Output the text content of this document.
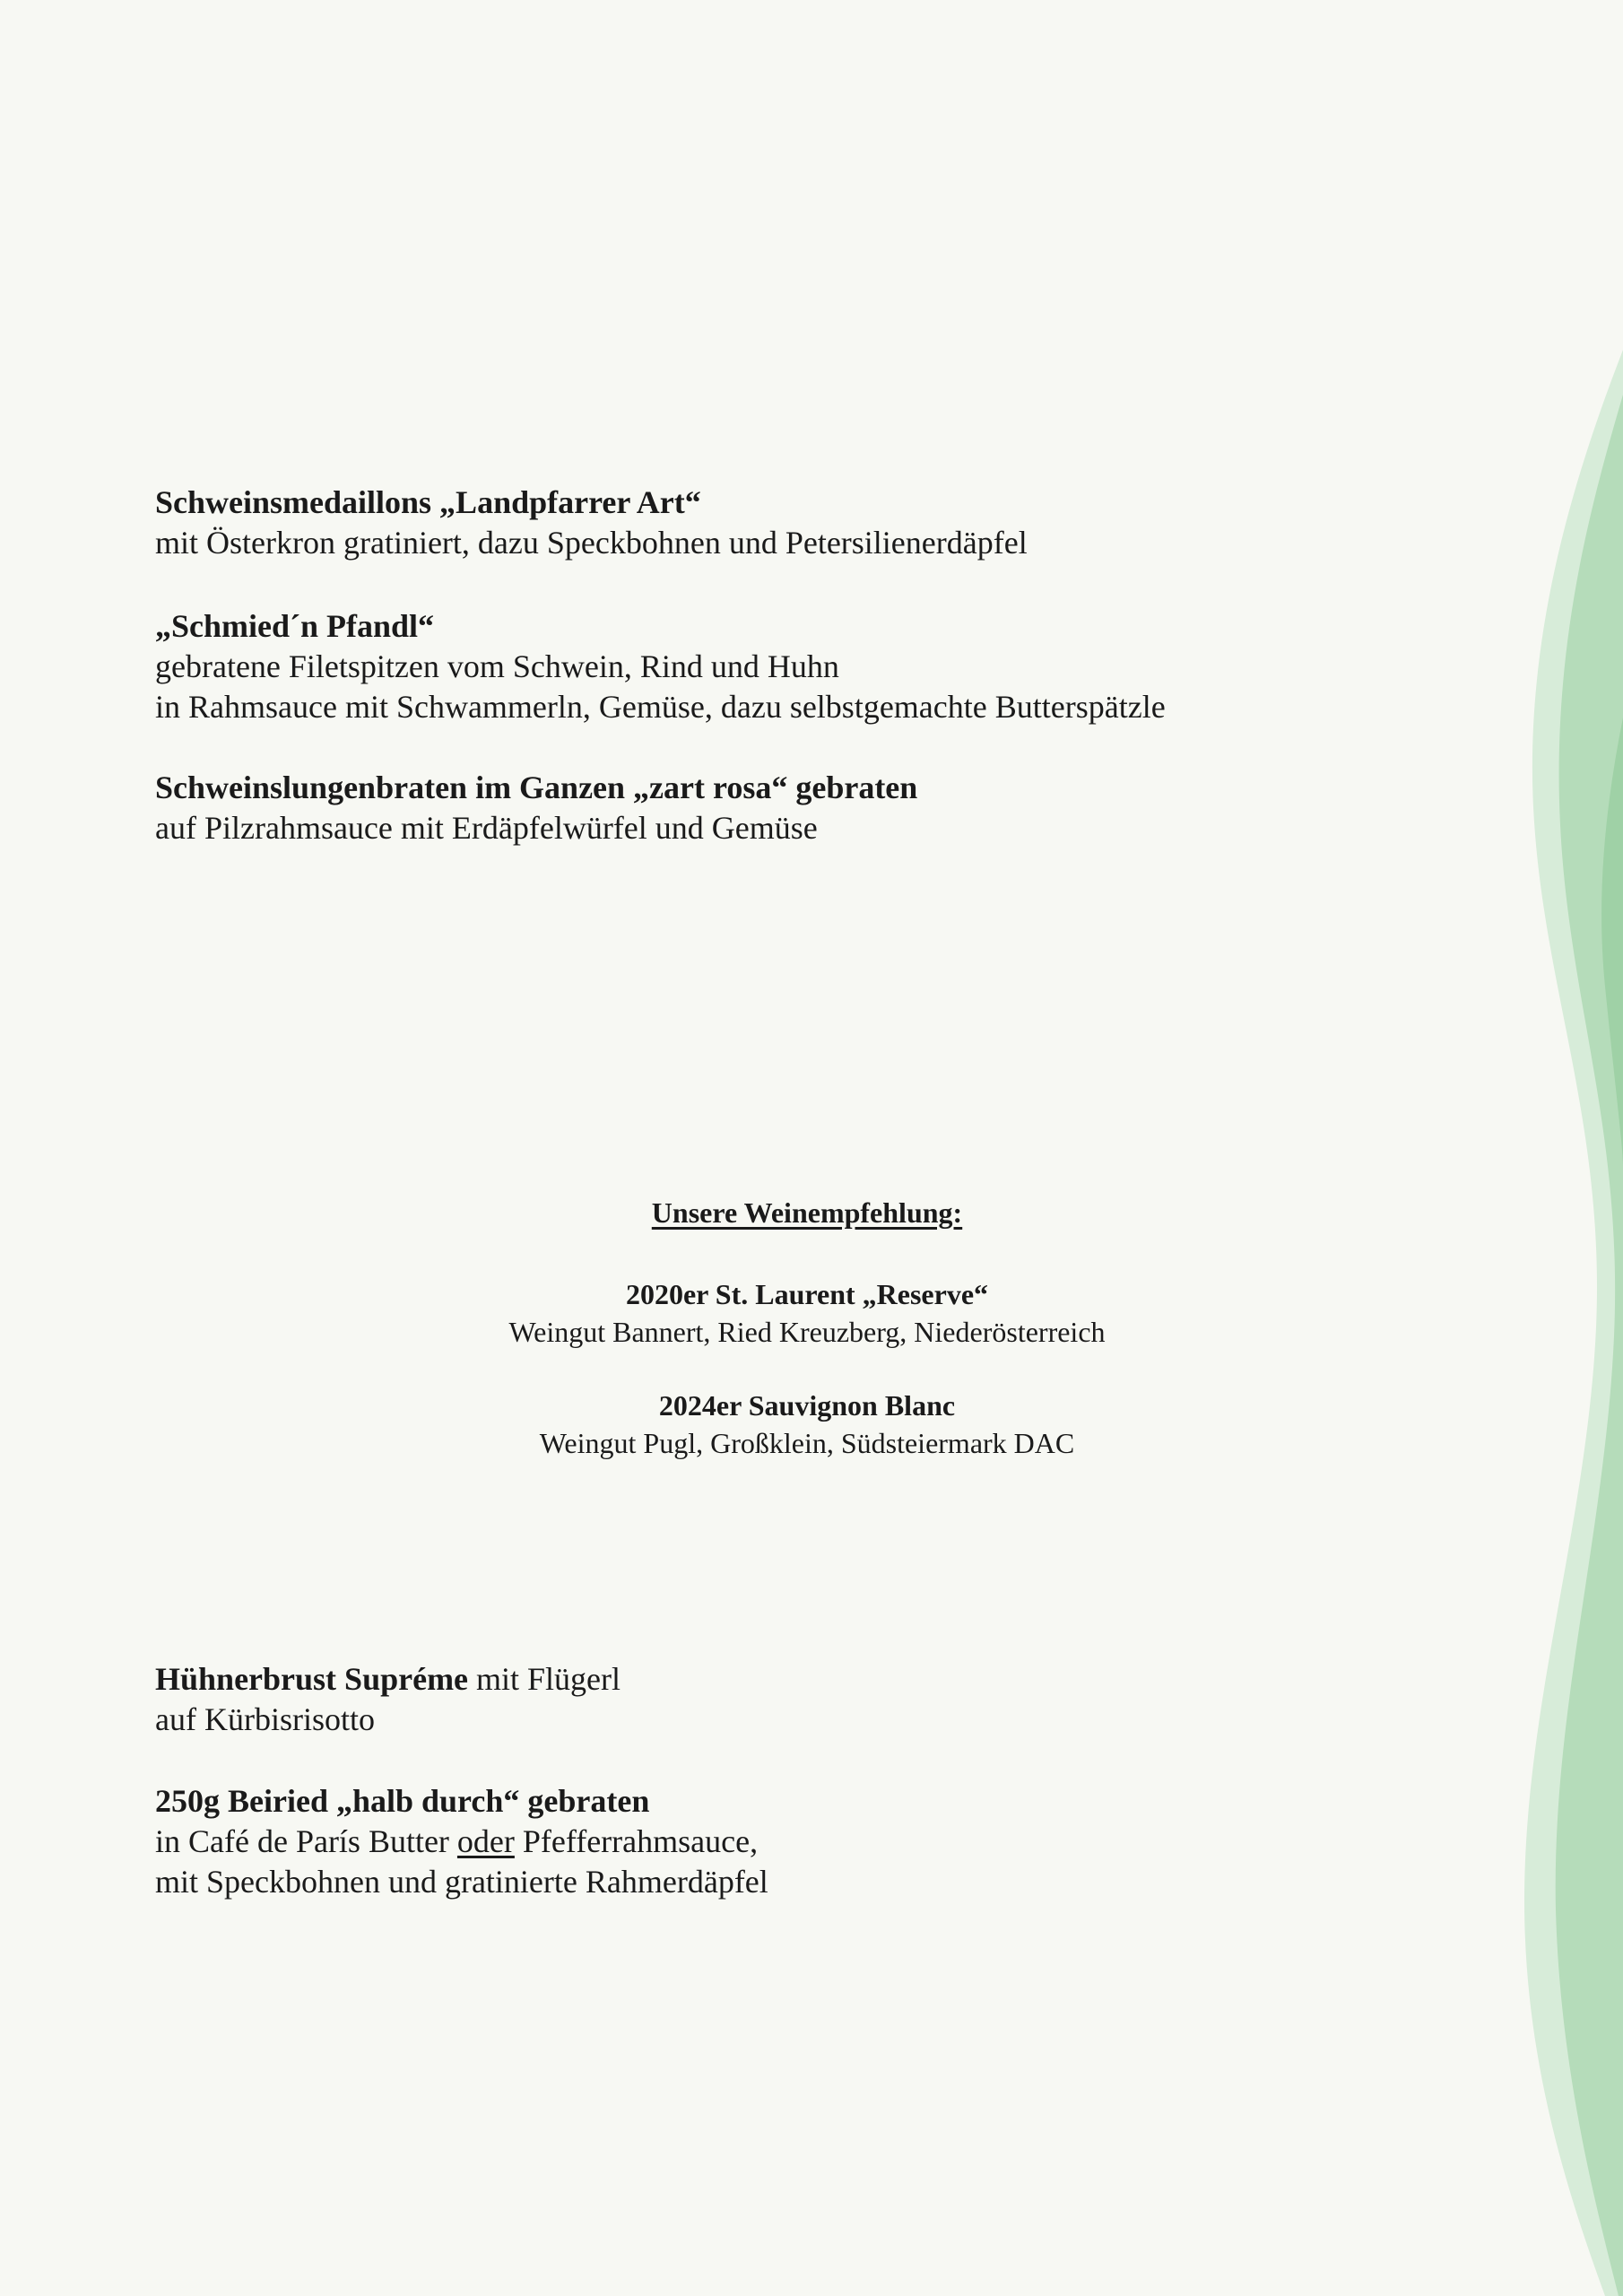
Schweinsmedaillons „Landpfarrer Art“
mit Österkron gratiniert, dazu Speckbohnen und Petersilienerdäpfel
„Schmied´n Pfandl“
gebratene Filetspitzen vom Schwein, Rind und Huhn
in Rahmsauce mit Schwammerln, Gemüse, dazu selbstgemachte Butterspätzle
Schweinslungenbraten im Ganzen „zart rosa“ gebraten
auf Pilzrahmsauce mit Erdäpfelwürfel und Gemüse
Unsere Weinempfehlung:
2020er St. Laurent „Reserve“
Weingut Bannert, Ried Kreuzberg, Niederösterreich
2024er Sauvignon Blanc
Weingut Pugl, Großklein, Südsteiermark DAC
Hühnerbrust Supréme mit Flügerl
auf Kürbisrisotto
250g Beiried „halb durch“ gebraten
in Café de París Butter oder Pfefferrahmsauce,
mit Speckbohnen und gratinierte Rahmerdäpfel
